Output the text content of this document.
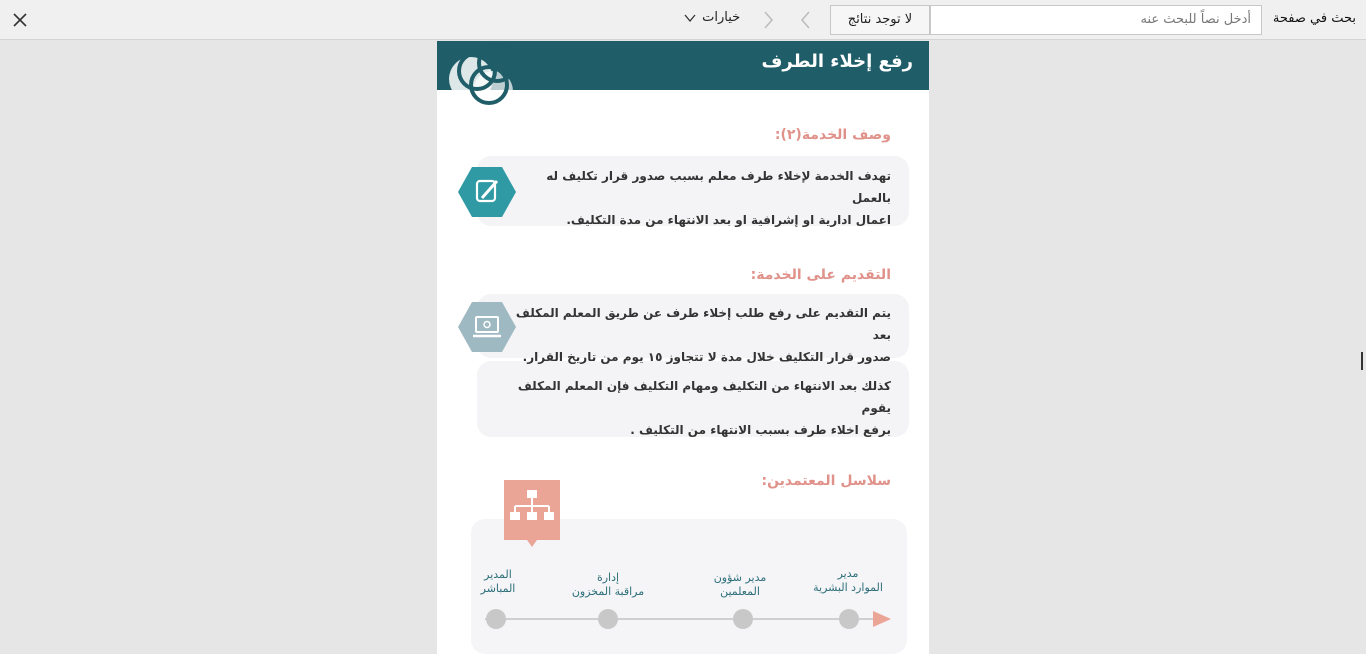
بحث في صفحة
أدخل نصاً للبحث عنه
لا توجد نتائج
خيارات
رفع إخلاء الطرف
وصف الخدمة(٢):
تهدف الخدمة لإخلاء طرف معلم بسبب صدور قرار تكليف له بالعمل
اعمال ادارية او إشرافية او بعد الانتهاء من مدة التكليف.
التقديم على الخدمة:
يتم التقديم على رفع طلب إخلاء طرف عن طريق المعلم المكلف بعد
صدور قرار التكليف خلال مدة لا تتجاوز ١٥ يوم من تاريخ القرار.
كذلك بعد الانتهاء من التكليف ومهام التكليف فإن المعلم المكلف يقوم
برفع اخلاء طرف بسبب الانتهاء من التكليف .
سلاسل المعتمدين:
مدير
الموارد البشرية
مدير شؤون
المعلمين
إدارة
مراقبة المخزون
المدير
المباشر
